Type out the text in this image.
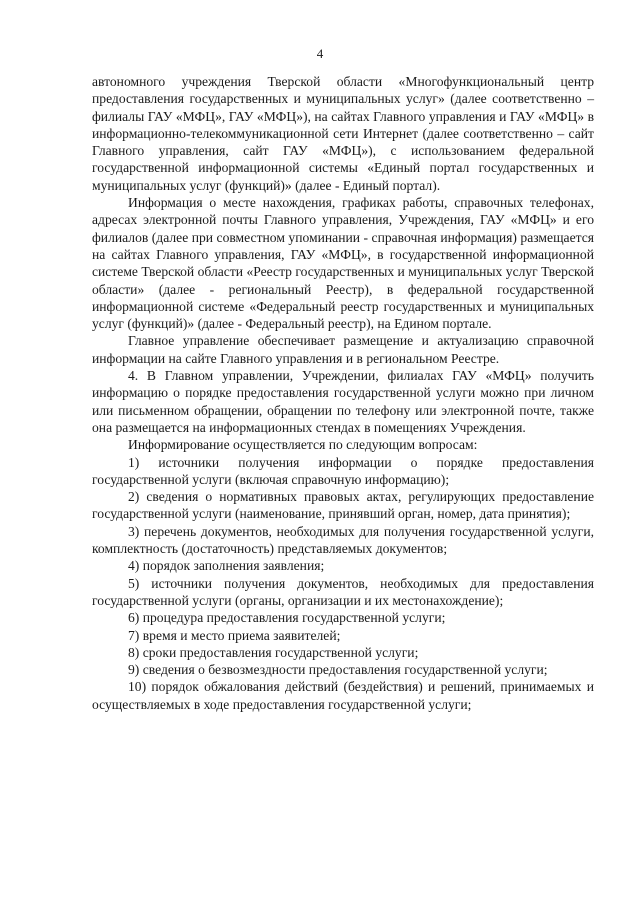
4

автономного учреждения Тверской области «Многофункциональный центр предоставления государственных и муниципальных услуг» (далее соответственно – филиалы ГАУ «МФЦ», ГАУ «МФЦ»), на сайтах Главного управления и ГАУ «МФЦ» в информационно-телекоммуникационной сети Интернет (далее соответственно – сайт Главного управления, сайт ГАУ «МФЦ»), с использованием федеральной государственной информационной системы «Единый портал государственных и муниципальных услуг (функций)» (далее - Единый портал).

Информация о месте нахождения, графиках работы, справочных телефонах, адресах электронной почты Главного управления, Учреждения, ГАУ «МФЦ» и его филиалов (далее при совместном упоминании - справочная информация) размещается на сайтах Главного управления, ГАУ «МФЦ», в государственной информационной системе Тверской области «Реестр государственных и муниципальных услуг Тверской области» (далее - региональный Реестр), в федеральной государственной информационной системе «Федеральный реестр государственных и муниципальных услуг (функций)» (далее - Федеральный реестр), на Едином портале.

Главное управление обеспечивает размещение и актуализацию справочной информации на сайте Главного управления и в региональном Реестре.

4. В Главном управлении, Учреждении, филиалах ГАУ «МФЦ» получить информацию о порядке предоставления государственной услуги можно при личном или письменном обращении, обращении по телефону или электронной почте, также она размещается на информационных стендах в помещениях Учреждения.

Информирование осуществляется по следующим вопросам:

1) источники получения информации о порядке предоставления государственной услуги (включая справочную информацию);

2) сведения о нормативных правовых актах, регулирующих предоставление государственной услуги (наименование, принявший орган, номер, дата принятия);

3) перечень документов, необходимых для получения государственной услуги, комплектность (достаточность) представляемых документов;

4) порядок заполнения заявления;

5) источники получения документов, необходимых для предоставления государственной услуги (органы, организации и их местонахождение);

6) процедура предоставления государственной услуги;

7) время и место приема заявителей;

8) сроки предоставления государственной услуги;

9) сведения о безвозмездности предоставления государственной услуги;

10) порядок обжалования действий (бездействия) и решений, принимаемых и осуществляемых в ходе предоставления государственной услуги;
